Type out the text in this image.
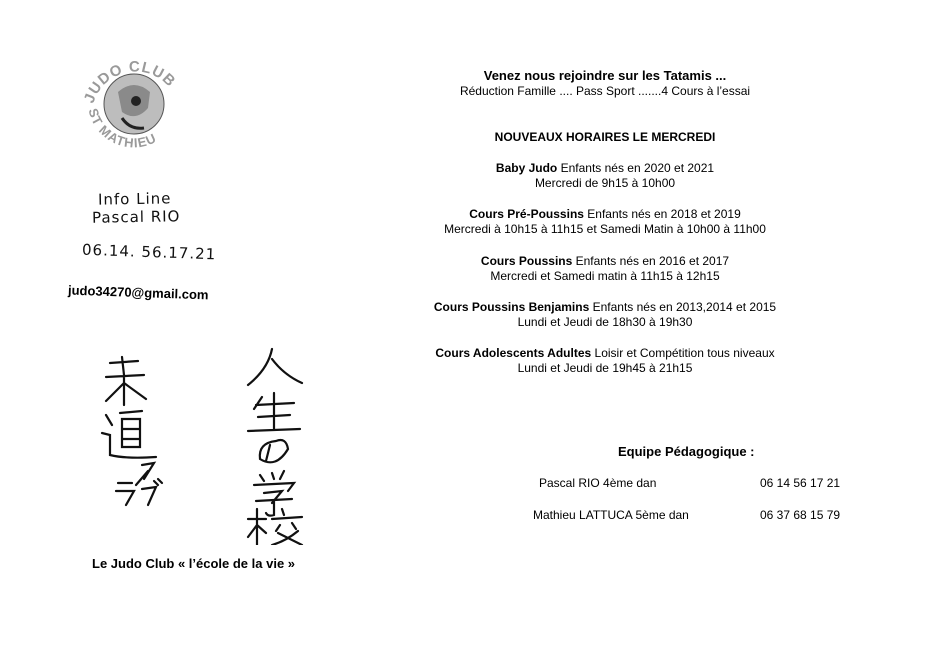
JUDO CLUB
ST MATHIEU
Info Line
Pascal RIO
06.14. 56.17.21
judo34270@gmail.com
Le Judo Club « l’école de la vie »
Venez nous rejoindre sur les Tatamis ...
Réduction Famille .... Pass Sport .......4 Cours à l’essai
NOUVEAUX HORAIRES LE MERCREDI
Baby Judo Enfants nés en 2020 et 2021
Mercredi de 9h15 à 10h00
Cours Pré-Poussins Enfants nés en 2018 et 2019
Mercredi à 10h15 à 11h15 et Samedi Matin à 10h00 à 11h00
Cours Poussins Enfants nés en 2016 et 2017
Mercredi et Samedi matin à 11h15 à 12h15
Cours Poussins Benjamins Enfants nés en 2013,2014 et 2015
Lundi et Jeudi de 18h30 à 19h30
Cours Adolescents Adultes Loisir et Compétition tous niveaux
Lundi et Jeudi de 19h45 à 21h15
Equipe Pédagogique :
Pascal RIO 4ème dan	06 14 56 17 21
Mathieu LATTUCA 5ème dan	06 37 68 15 79
